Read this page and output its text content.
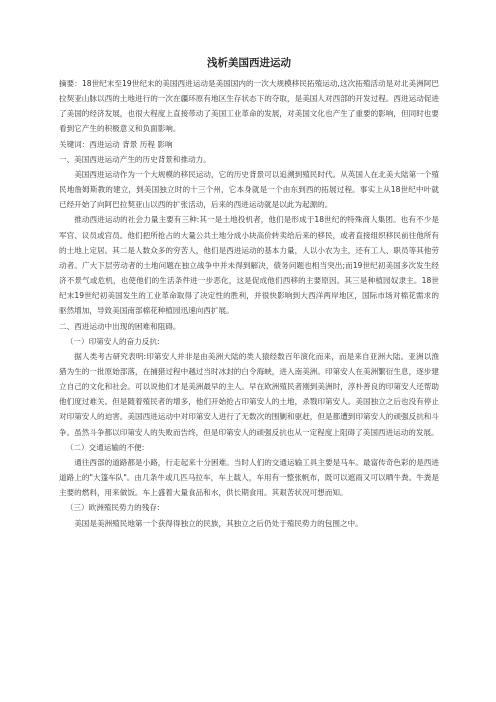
浅析美国西进运动

摘要：18世纪末至19世纪末的美国西进运动是美国国内的一次大规模移民拓殖运动,这次拓殖活动是对北美洲阿巴拉契亚山脉以西的土地进行的一次在疆环原有地区生存状态下的夺取，是美国人对西部的开发过程。西进运动促进了美国的经济发展，也很大程度上直接带动了美国工业革命的发展，对美国文化也产生了重要的影响，但同时也要看到它产生的积极意义和负面影响。

关键词：西进运动 背景 历程 影响

一、美国西进运动产生的历史背景和推动力。

美国西进运动作为一个大规模的移民运动，它的历史背景可以追溯到殖民时代。从英国人在北美大陆第一个殖民地詹姆斯教的建立，到美国独立时的十三个州，它本身就是一个由东到西的拓展过程。事实上从18世纪中叶就已经开始了向阿巴拉契亚山以西的扩张活动，后来的西进运动就是以此为起源的。

推动西进运动的社会力量主要有三种:其一是土地投机者，他们是形成于18世纪的特殊商人集团。也有不少是军官、议员或官员。他们把所抢占的大量公共土地分成小块高价转卖给后来的移民，或者直接组织移民前往他所有的土地上定居。其二是人数众多的穷苦人，他们是西进运动的基本力量，人以小农为主，还有工人、职员等其他劳动者。广大下层劳动者的土地问题在独立战争中并未得到解决，债务问题也相当突出;而19世纪初美国多次发生经济不景气或危机，也使他们的生活条件进一步恶化，这是促成他们西移的主要原因。其三是种植园奴隶主。18世纪末19世纪初美国发生的工业革命取得了决定性的胜利，并很快影响到大西洋两岸地区，国际市场对棉花需求的驱然增加，导致美国南部棉花种植园迅速向西扩展。

二、西进运动中出现的困难和阻碍。

（一）印第安人的奋力反抗:

据人类考古研究表明:印第安人并非是由美洲大陆的类人猿经数百年演化而来，而是来自亚洲大陆。亚洲以渔猎为生的一批原始部落，在捕猎过程中越过当时冰封的白令海峡，进入南美洲。印第安人在美洲繁衍生息，逐步建立自己的文化和社会。可以说他们才是美洲最早的主人。早在欧洲殖民者刚到美洲时，淳朴善良的印第安人还帮助他们度过难关。但是随着殖民者的增多，他们开始抢占印第安人的土地，杀戮印第安人。美国独立之后也没有停止对印第安人的迫害。美国西进运动中对印第安人进行了无数次的围剿和驱赶，但是都遭到印第安人的顽强反抗和斗争。虽然斗争都以印第安人的失败而告终，但是印第安人的顽强反抗也从一定程度上阻碍了美国西进运动的发展。

（二）交通运输的不便:

通往西部的道路都是小路，行走起来十分困难。当时人们的交通运输工具主要是马车。最富传奇色彩的是西进道路上的"大篷车队"。由几条牛或几匹马拉车，车上载人，车用有一整张帆布，既可以遮雨又可以晒牛粪。牛粪是主要的燃料，用来做饭。车上盛着大量食品和水，供长期食用。其艰苦状况可想而知。

（三）欧洲殖民势力的残存:

美国是美洲殖民地第一个获得得独立的民族，其独立之后仍处于殖民势力的包围之中。
